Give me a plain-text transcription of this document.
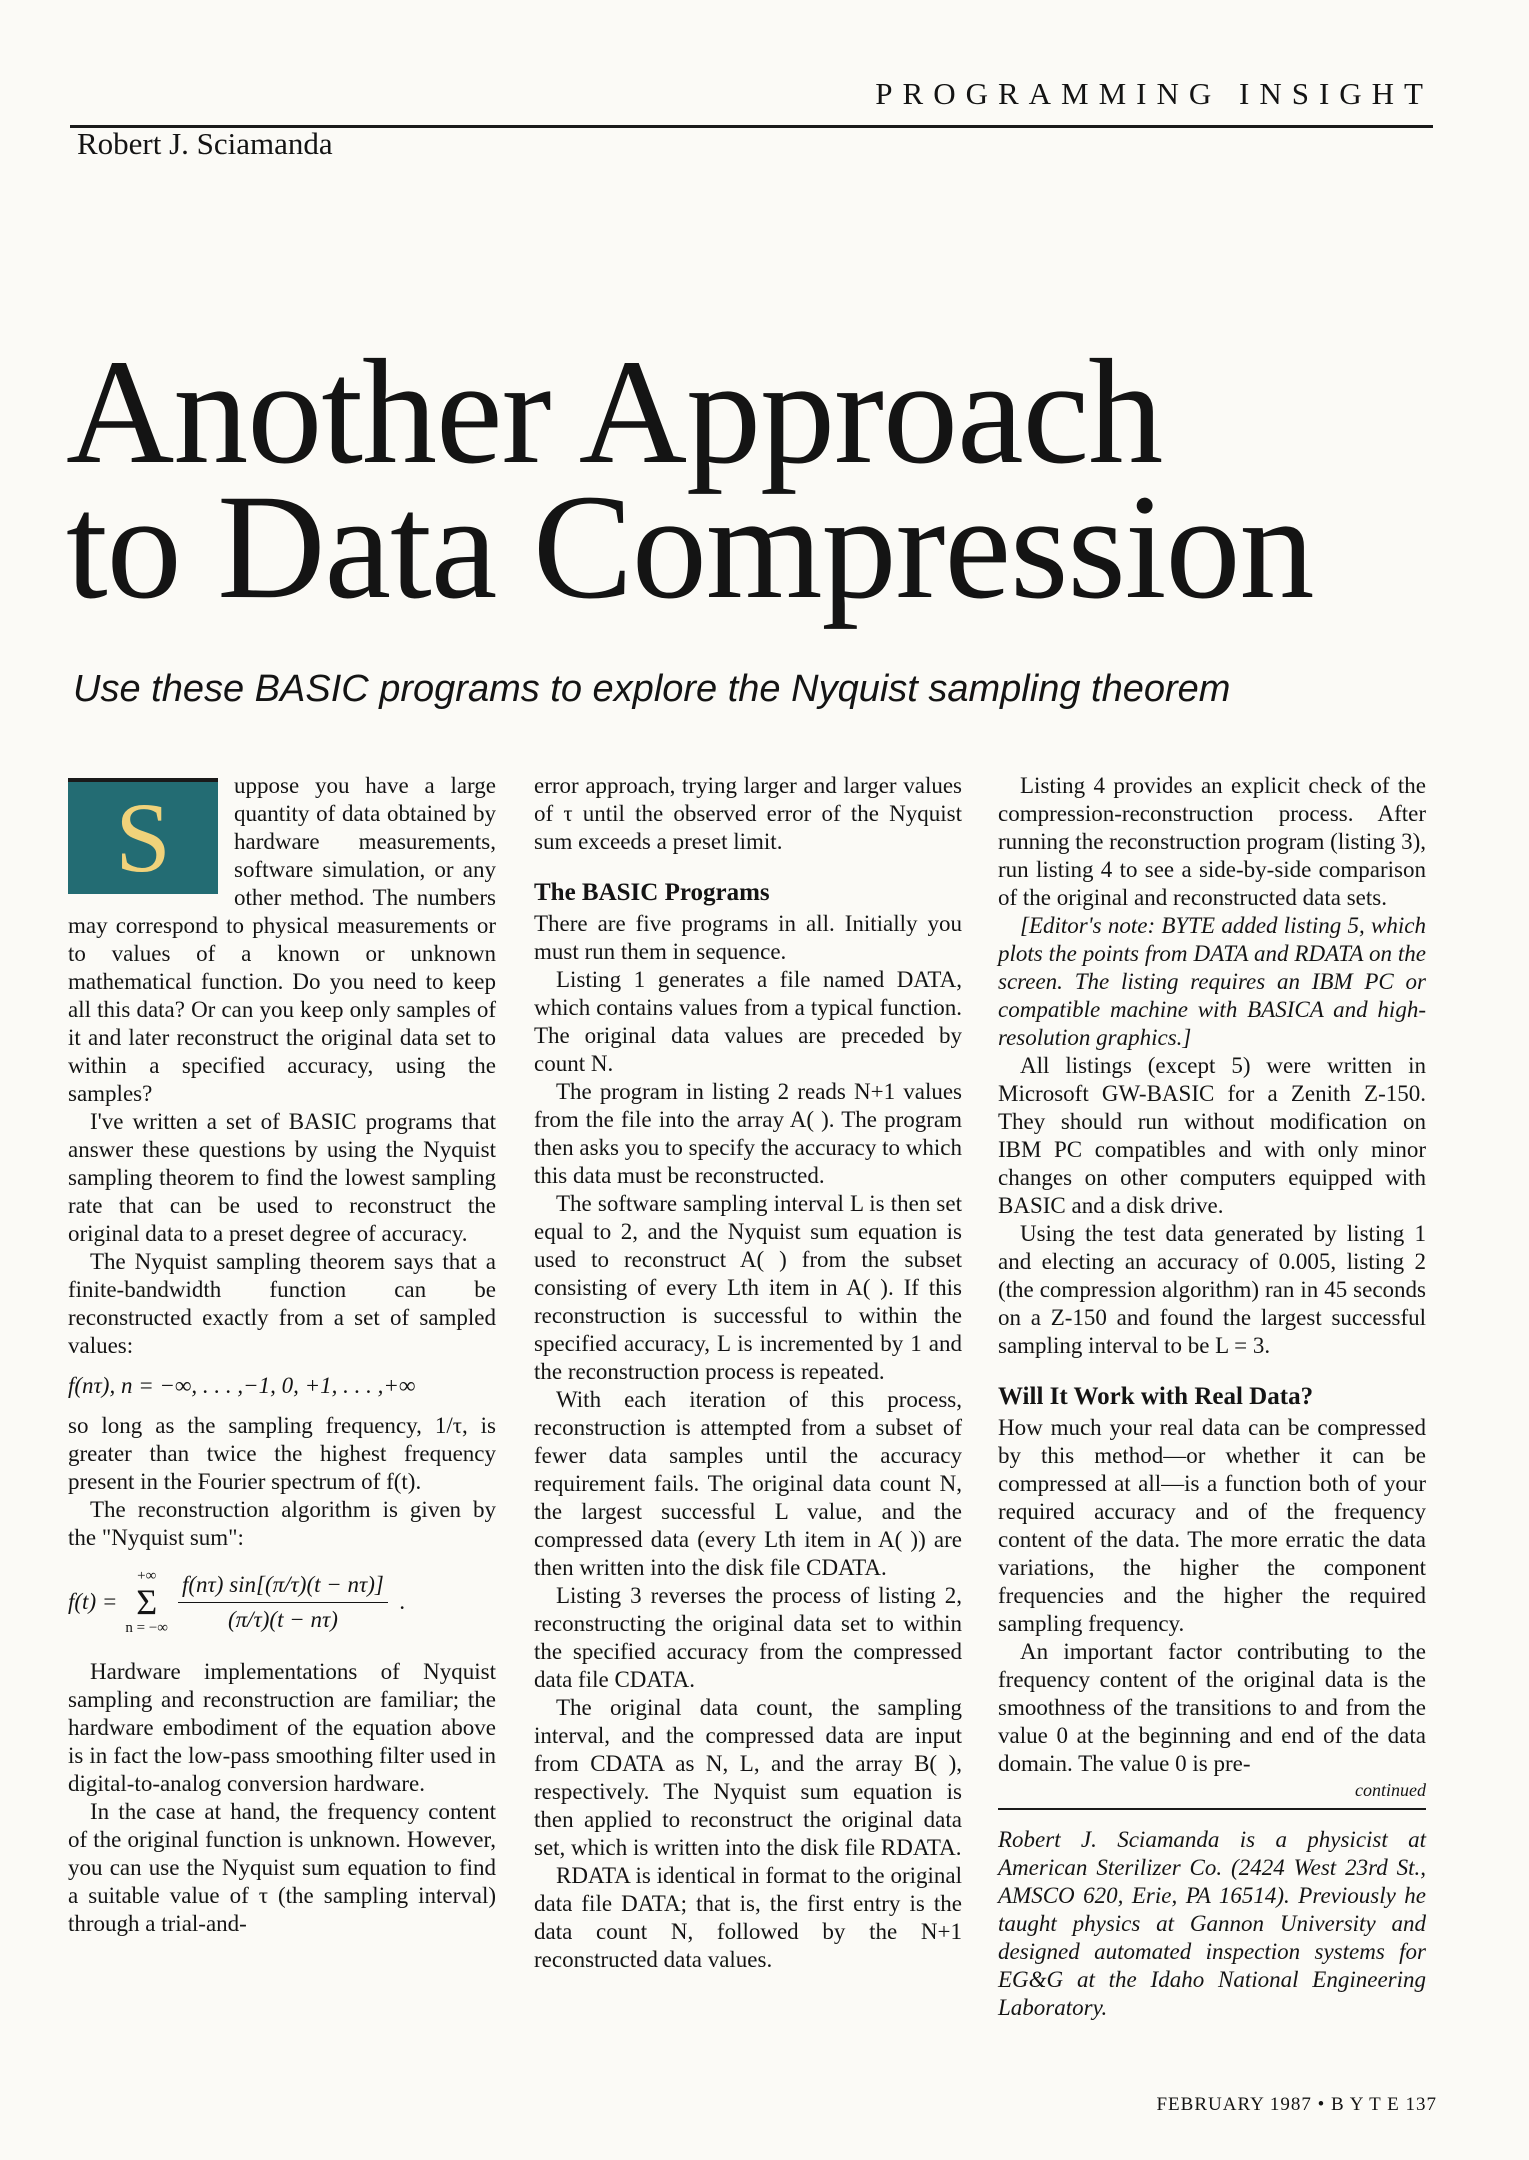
PROGRAMMING INSIGHT
Robert J. Sciamanda
Another Approach
to Data Compression

Use these BASIC programs to explore the Nyquist sampling theorem

S	uppose you have a large quantity of data obtained by hardware measurements, software simulation, or any other method. The numbers may correspond to physical measurements or to values of a known or unknown mathematical function. Do you need to keep all this data? Or can you keep only samples of it and later reconstruct the original data set to within a specified accuracy, using the samples?

I've written a set of BASIC programs that answer these questions by using the Nyquist sampling theorem to find the lowest sampling rate that can be used to reconstruct the original data to a preset degree of accuracy.

The Nyquist sampling theorem says that a finite-bandwidth function can be reconstructed exactly from a set of sampled values:

f(nτ), n = −∞, . . . ,−1, 0, +1, . . . ,+∞

so long as the sampling frequency, 1/τ, is greater than twice the highest frequency present in the Fourier spectrum of f(t).

The reconstruction algorithm is given by the "Nyquist sum":

f(t) =
+∞
Σ
n = −∞ $\frac{f(n\tau) \sin[(\pi/\tau)(t - n\tau)]}{(\pi/\tau)(t - n\tau)}$ .

Hardware implementations of Nyquist sampling and reconstruction are familiar; the hardware embodiment of the equation above is in fact the low-pass smoothing filter used in digital-to-analog conversion hardware.

In the case at hand, the frequency content of the original function is unknown. However, you can use the Nyquist sum equation to find a suitable value of τ (the sampling interval) through a trial-and-

error approach, trying larger and larger values of τ until the observed error of the Nyquist sum exceeds a preset limit.

The BASIC Programs

There are five programs in all. Initially you must run them in sequence.

Listing 1 generates a file named DATA, which contains values from a typical function. The original data values are preceded by count N.

The program in listing 2 reads N+1 values from the file into the array A( ). The program then asks you to specify the accuracy to which this data must be reconstructed.

The software sampling interval L is then set equal to 2, and the Nyquist sum equation is used to reconstruct A( ) from the subset consisting of every Lth item in A( ). If this reconstruction is successful to within the specified accuracy, L is incremented by 1 and the reconstruction process is repeated.

With each iteration of this process, reconstruction is attempted from a subset of fewer data samples until the accuracy requirement fails. The original data count N, the largest successful L value, and the compressed data (every Lth item in A( )) are then written into the disk file CDATA.

Listing 3 reverses the process of listing 2, reconstructing the original data set to within the specified accuracy from the compressed data file CDATA.

The original data count, the sampling interval, and the compressed data are input from CDATA as N, L, and the array B( ), respectively. The Nyquist sum equation is then applied to reconstruct the original data set, which is written into the disk file RDATA.

RDATA is identical in format to the original data file DATA; that is, the first entry is the data count N, followed by the N+1 reconstructed data values.

Listing 4 provides an explicit check of the compression-reconstruction process. After running the reconstruction program (listing 3), run listing 4 to see a side-by-side comparison of the original and reconstructed data sets.

[Editor's note: BYTE added listing 5, which plots the points from DATA and RDATA on the screen. The listing requires an IBM PC or compatible machine with BASICA and high-resolution graphics.]

All listings (except 5) were written in Microsoft GW-BASIC for a Zenith Z-150. They should run without modification on IBM PC compatibles and with only minor changes on other computers equipped with BASIC and a disk drive.

Using the test data generated by listing 1 and electing an accuracy of 0.005, listing 2 (the compression algorithm) ran in 45 seconds on a Z-150 and found the largest successful sampling interval to be L = 3.

Will It Work with Real Data?

How much your real data can be compressed by this method—or whether it can be compressed at all—is a function both of your required accuracy and of the frequency content of the data. The more erratic the data variations, the higher the component frequencies and the higher the required sampling frequency.

An important factor contributing to the frequency content of the original data is the smoothness of the transitions to and from the value 0 at the beginning and end of the data domain. The value 0 is pre-

continued

Robert J. Sciamanda is a physicist at American Sterilizer Co. (2424 West 23rd St., AMSCO 620, Erie, PA 16514). Previously he taught physics at Gannon University and designed automated inspection systems for EG&G at the Idaho National Engineering Laboratory.

FEBRUARY 1987 • B Y T E 137
